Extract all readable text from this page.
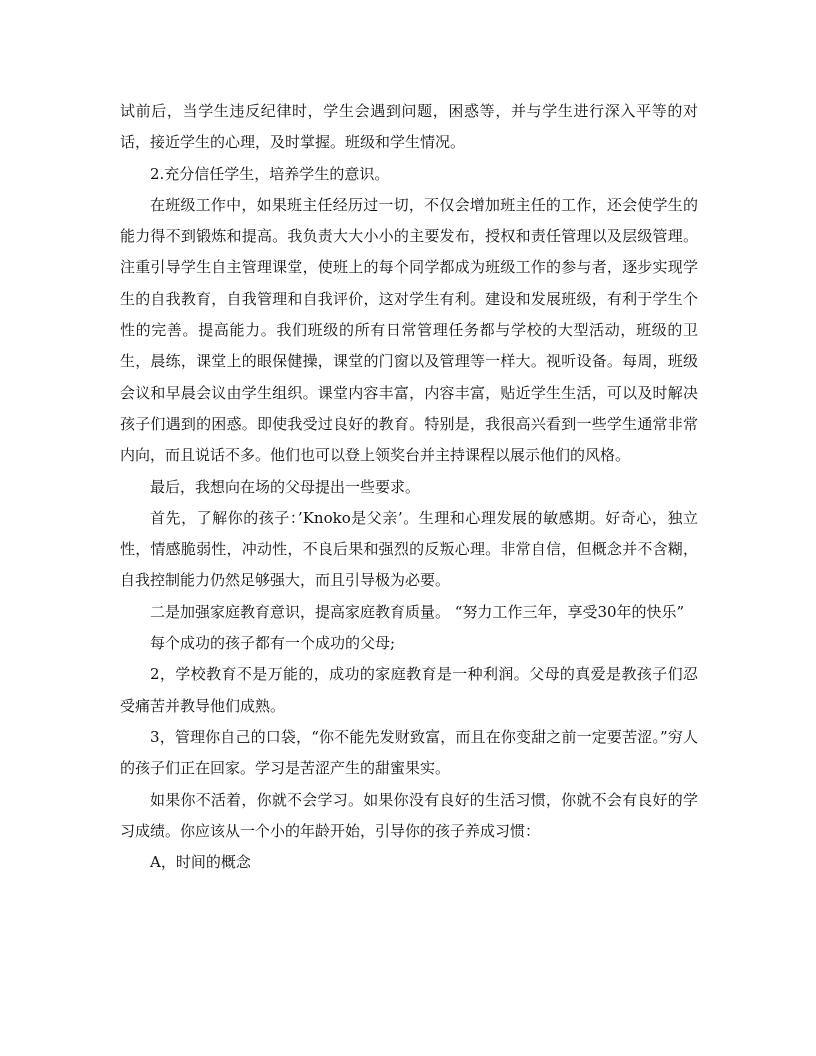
试前后，当学生违反纪律时，学生会遇到问题，困惑等，并与学生进行深入平等的对话，接近学生的心理，及时掌握。班级和学生情况。

2.充分信任学生，培养学生的意识。

在班级工作中，如果班主任经历过一切，不仅会增加班主任的工作，还会使学生的能力得不到锻炼和提高。我负责大大小小的主要发布，授权和责任管理以及层级管理。注重引导学生自主管理课堂，使班上的每个同学都成为班级工作的参与者，逐步实现学生的自我教育，自我管理和自我评价，这对学生有利。建设和发展班级，有利于学生个性的完善。提高能力。我们班级的所有日常管理任务都与学校的大型活动，班级的卫生，晨练，课堂上的眼保健操，课堂的门窗以及管理等一样大。视听设备。每周，班级会议和早晨会议由学生组织。课堂内容丰富，内容丰富，贴近学生生活，可以及时解决孩子们遇到的困惑。即使我受过良好的教育。特别是，我很高兴看到一些学生通常非常内向，而且说话不多。他们也可以登上领奖台并主持课程以展示他们的风格。

最后，我想向在场的父母提出一些要求。

首先，了解你的孩子：’Knoko是父亲’。生理和心理发展的敏感期。好奇心，独立性，情感脆弱性，冲动性，不良后果和强烈的反叛心理。非常自信，但概念并不含糊，自我控制能力仍然足够强大，而且引导极为必要。

二是加强家庭教育意识，提高家庭教育质量。 “努力工作三年，享受30年的快乐”

每个成功的孩子都有一个成功的父母;

2，学校教育不是万能的，成功的家庭教育是一种利润。父母的真爱是教孩子们忍受痛苦并教导他们成熟。

3，管理你自己的口袋，“你不能先发财致富，而且在你变甜之前一定要苦涩。”穷人的孩子们正在回家。学习是苦涩产生的甜蜜果实。

如果你不活着，你就不会学习。如果你没有良好的生活习惯，你就不会有良好的学习成绩。你应该从一个小的年龄开始，引导你的孩子养成习惯：

A，时间的概念
